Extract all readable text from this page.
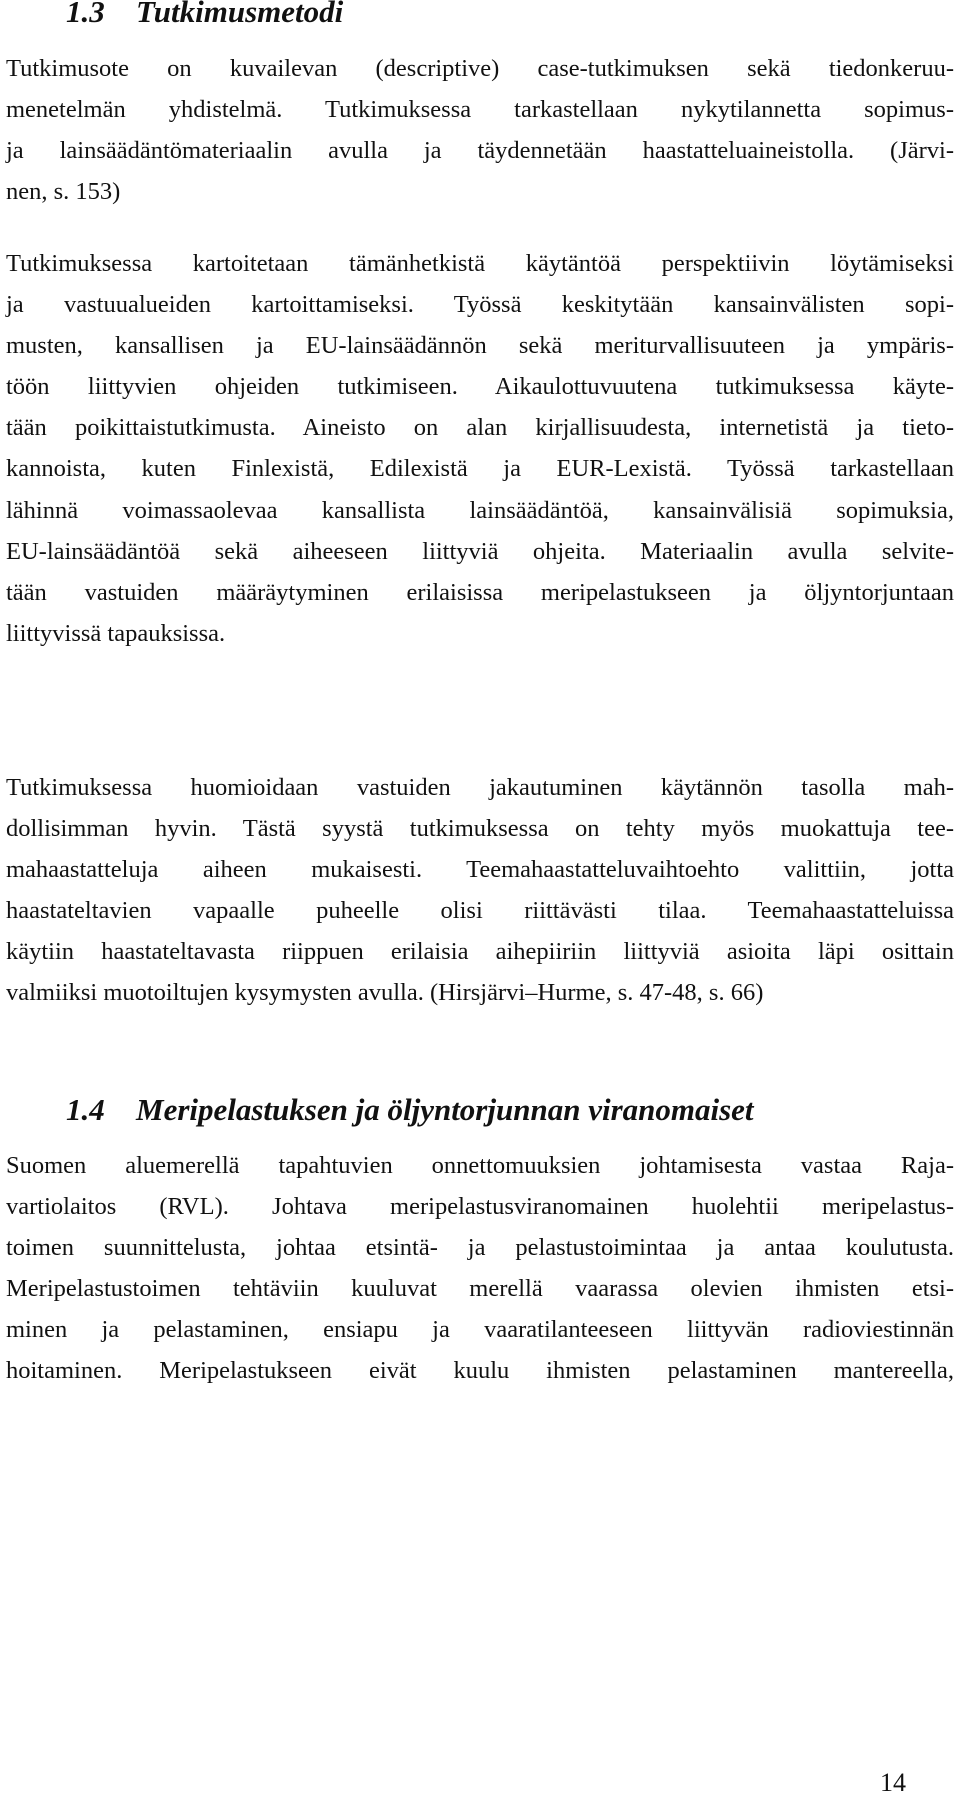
1.3 Tutkimusmetodi
Tutkimusote on kuvailevan (descriptive) case-tutkimuksen sekä tiedonkeruu-
menetelmän yhdistelmä. Tutkimuksessa tarkastellaan nykytilannetta sopimus-
ja lainsäädäntömateriaalin avulla ja täydennetään haastatteluaineistolla. (Järvi-
nen, s. 153)
Tutkimuksessa kartoitetaan tämänhetkistä käytäntöä perspektiivin löytämiseksi
ja vastuualueiden kartoittamiseksi. Työssä keskitytään kansainvälisten sopi-
musten, kansallisen ja EU-lainsäädännön sekä meriturvallisuuteen ja ympäris-
töön liittyvien ohjeiden tutkimiseen. Aikaulottuvuutena tutkimuksessa käyte-
tään poikittaistutkimusta. Aineisto on alan kirjallisuudesta, internetistä ja tieto-
kannoista, kuten Finlexistä, Edilexistä ja EUR-Lexistä. Työssä tarkastellaan
lähinnä voimassaolevaa kansallista lainsäädäntöä, kansainvälisiä sopimuksia,
EU-lainsäädäntöä sekä aiheeseen liittyviä ohjeita. Materiaalin avulla selvite-
tään vastuiden määräytyminen erilaisissa meripelastukseen ja öljyntorjuntaan
liittyvissä tapauksissa.
Tutkimuksessa huomioidaan vastuiden jakautuminen käytännön tasolla mah-
dollisimman hyvin. Tästä syystä tutkimuksessa on tehty myös muokattuja tee-
mahaastatteluja aiheen mukaisesti. Teemahaastatteluvaihtoehto valittiin, jotta
haastateltavien vapaalle puheelle olisi riittävästi tilaa. Teemahaastatteluissa
käytiin haastateltavasta riippuen erilaisia aihepiiriin liittyviä asioita läpi osittain
valmiiksi muotoiltujen kysymysten avulla. (Hirsjärvi–Hurme, s. 47-48, s. 66)
1.4 Meripelastuksen ja öljyntorjunnan viranomaiset
Suomen aluemerellä tapahtuvien onnettomuuksien johtamisesta vastaa Raja-
vartiolaitos (RVL). Johtava meripelastusviranomainen huolehtii meripelastus-
toimen suunnittelusta, johtaa etsintä- ja pelastustoimintaa ja antaa koulutusta.
Meripelastustoimen tehtäviin kuuluvat merellä vaarassa olevien ihmisten etsi-
minen ja pelastaminen, ensiapu ja vaaratilanteeseen liittyvän radioviestinnän
hoitaminen. Meripelastukseen eivät kuulu ihmisten pelastaminen mantereella,
14
